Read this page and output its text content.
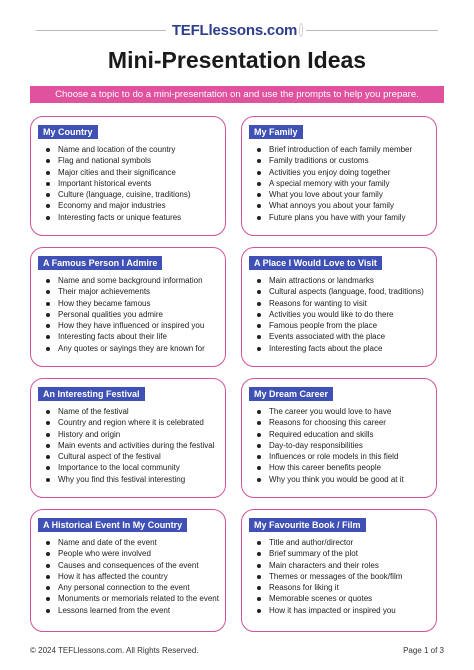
TEFLlessons.com
Mini-Presentation Ideas
Choose a topic to do a mini-presentation on and use the prompts to help you prepare.
My Country
Name and location of the country
Flag and national symbols
Major cities and their significance
Important historical events
Culture (language, cuisine, traditions)
Economy and major industries
Interesting facts or unique features
My Family
Brief introduction of each family member
Family traditions or customs
Activities you enjoy doing together
A special memory with your family
What you love about your family
What annoys you about your family
Future plans you have with your family
A Famous Person I Admire
Name and some background information
Their major achievements
How they became famous
Personal qualities you admire
How they have influenced or inspired you
Interesting facts about their life
Any quotes or sayings they are known for
A Place I Would Love to Visit
Main attractions or landmarks
Cultural aspects (language, food, traditions)
Reasons for wanting to visit
Activities you would like to do there
Famous people from the place
Events associated with the place
Interesting facts about the place
An Interesting Festival
Name of the festival
Country and region where it is celebrated
History and origin
Main events and activities during the festival
Cultural aspect of the festival
Importance to the local community
Why you find this festival interesting
My Dream Career
The career you would love to have
Reasons for choosing this career
Required education and skills
Day-to-day responsibilities
Influences or role models in this field
How this career benefits people
Why you think you would be good at it
A Historical Event In My Country
Name and date of the event
People who were involved
Causes and consequences of the event
How it has affected the country
Any personal connection to the event
Monuments or memorials related to the event
Lessons learned from the event
My Favourite Book / Film
Title and author/director
Brief summary of the plot
Main characters and their roles
Themes or messages of the book/film
Reasons for liking it
Memorable scenes or quotes
How it has impacted or inspired you
© 2024 TEFLlessons.com. All Rights Reserved.	Page 1 of 3
